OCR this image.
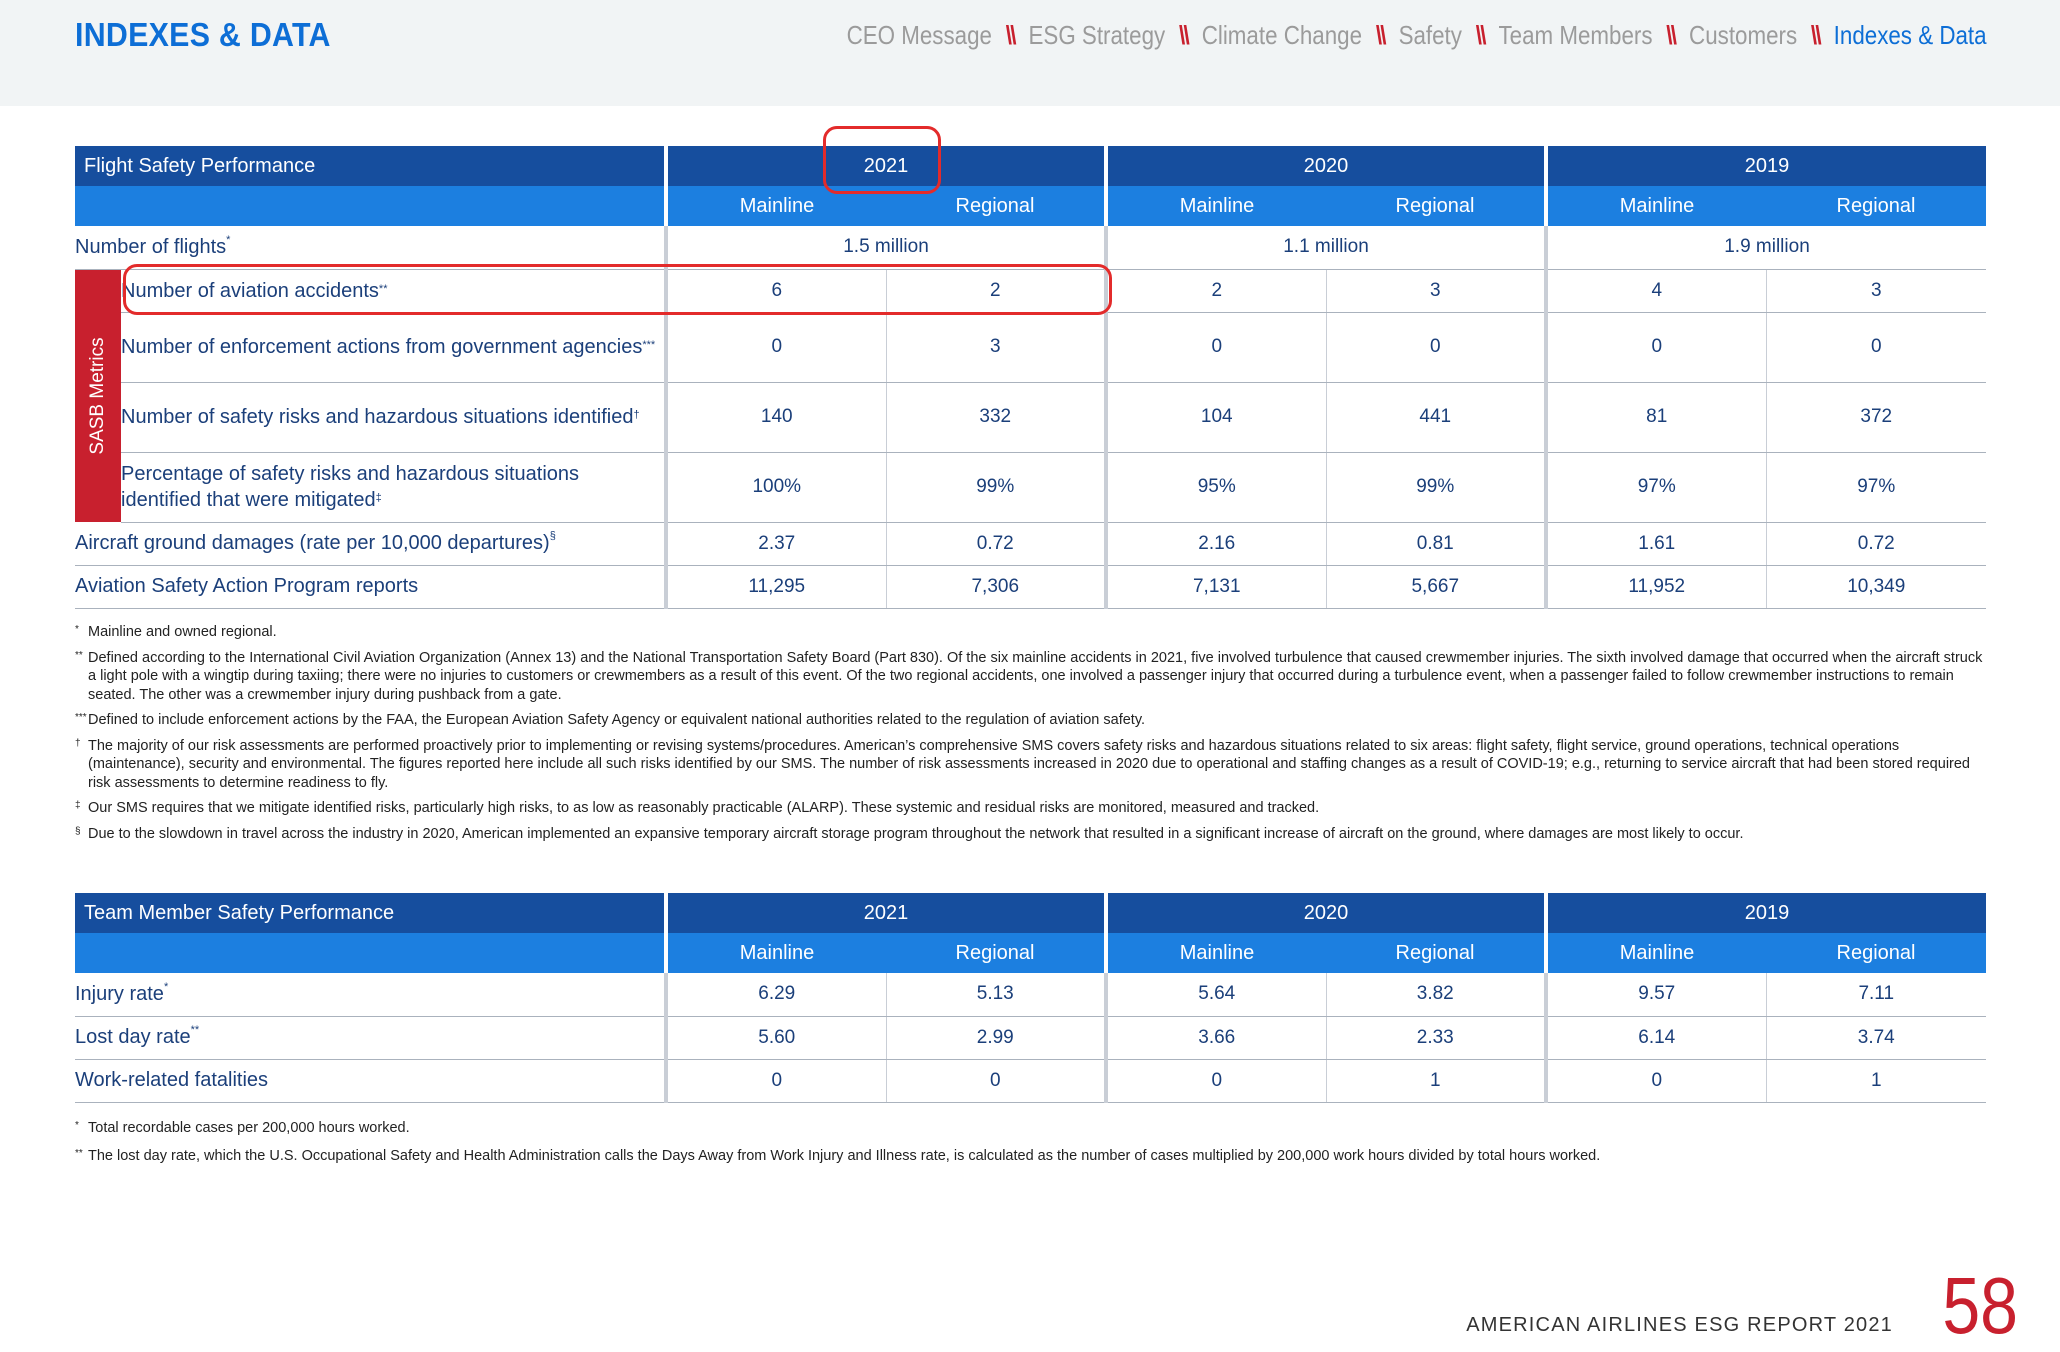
INDEXES & DATA	CEO Message \\ ESG Strategy \\ Climate Change \\ Safety \\ Team Members \\ Customers \\ Indexes & Data
Flight Safety Performance		2021		2020		2019	
		Mainline	Regional	Mainline	Regional	Mainline	Regional
Number of flights*		1.5 million		1.1 million		1.9 million	

SASB Metrics	Number of aviation accidents**	6	2	2	3	4	3
	Number of enforcement actions from government agencies***	0	3	0	0	0	0
	Number of safety risks and hazardous situations identified†	140	332	104	441	81	372
	Percentage of safety risks and hazardous situations identified that were mitigated‡	100%	99%	95%	99%	97%	97%
Aircraft ground damages (rate per 10,000 departures)§		2.37	0.72	2.16	0.81	1.61	0.72
Aviation Safety Action Program reports		11,295	7,306	7,131	5,667	11,952	10,349
* Mainline and owned regional.
** Defined according to the International Civil Aviation Organization (Annex 13) and the National Transportation Safety Board (Part 830). Of the six mainline accidents in 2021, five involved turbulence that caused crewmember injuries. The sixth involved damage that occurred when the aircraft struck a light pole with a wingtip during taxiing; there were no injuries to customers or crewmembers as a result of this event. Of the two regional accidents, one involved a passenger injury that occurred during a turbulence event, when a passenger failed to follow crewmember instructions to remain seated. The other was a crewmember injury during pushback from a gate.
*** Defined to include enforcement actions by the FAA, the European Aviation Safety Agency or equivalent national authorities related to the regulation of aviation safety.
† The majority of our risk assessments are performed proactively prior to implementing or revising systems/procedures. American’s comprehensive SMS covers safety risks and hazardous situations related to six areas: flight safety, flight service, ground operations, technical operations (maintenance), security and environmental. The figures reported here include all such risks identified by our SMS. The number of risk assessments increased in 2020 due to operational and staffing changes as a result of COVID-19; e.g., returning to service aircraft that had been stored required risk assessments to determine readiness to fly.
‡ Our SMS requires that we mitigate identified risks, particularly high risks, to as low as reasonably practicable (ALARP). These systemic and residual risks are monitored, measured and tracked.
§ Due to the slowdown in travel across the industry in 2020, American implemented an expansive temporary aircraft storage program throughout the network that resulted in a significant increase of aircraft on the ground, where damages are most likely to occur.
Team Member Safety Performance	2021		2020		2019	
	Mainline	Regional	Mainline	Regional	Mainline	Regional
Injury rate*	6.29	5.13	5.64	3.82	9.57	7.11
Lost day rate**	5.60	2.99	3.66	2.33	6.14	3.74
Work-related fatalities	0	0	0	1	0	1
* Total recordable cases per 200,000 hours worked.
** The lost day rate, which the U.S. Occupational Safety and Health Administration calls the Days Away from Work Injury and Illness rate, is calculated as the number of cases multiplied by 200,000 work hours divided by total hours worked.
AMERICAN AIRLINES ESG REPORT 2021 58
